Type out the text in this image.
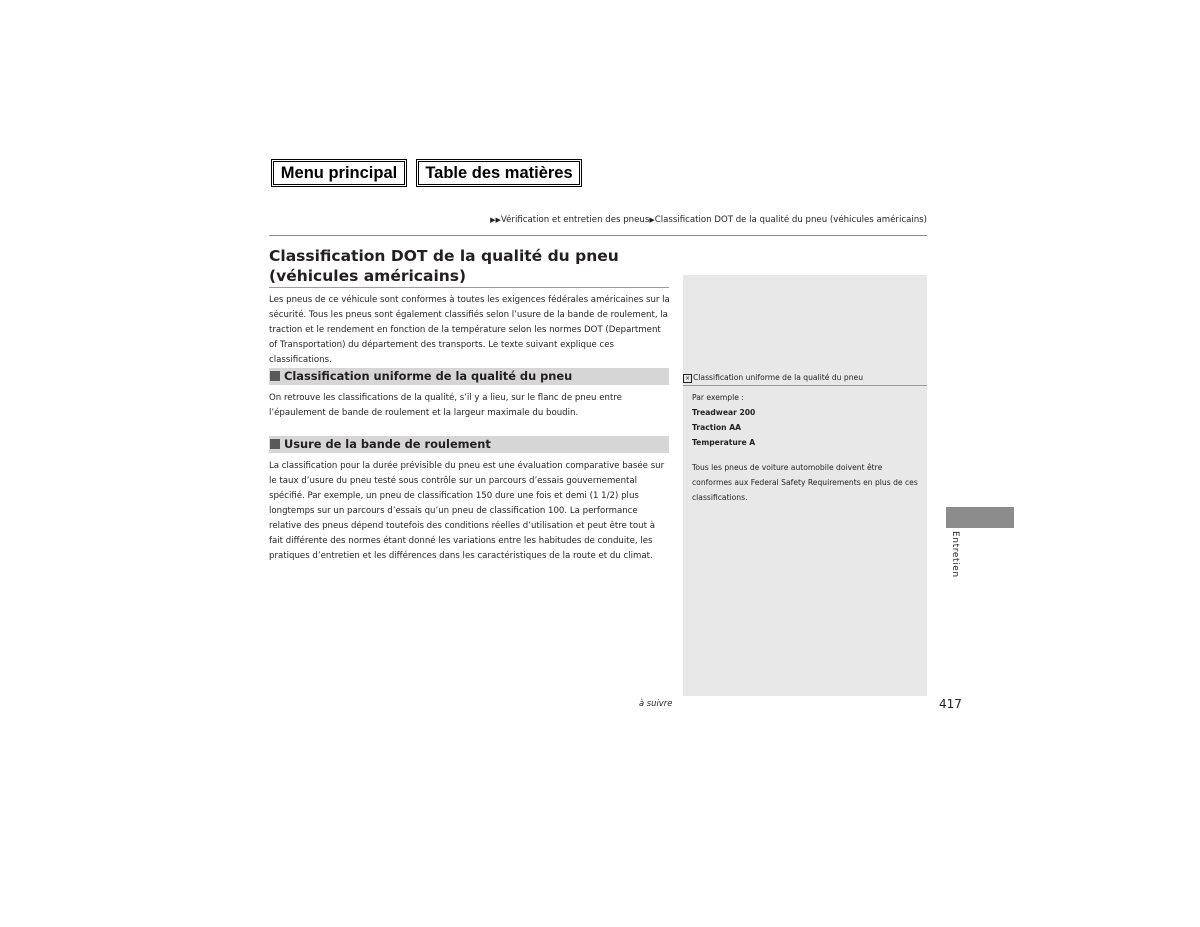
Menu principal	Table des matières
▶▶Vérification et entretien des pneus▶Classification DOT de la qualité du pneu (véhicules américains)
Classification DOT de la qualité du pneu (véhicules américains)

Les pneus de ce véhicule sont conformes à toutes les exigences fédérales américaines sur la sécurité. Tous les pneus sont également classifiés selon l’usure de la bande de roulement, la traction et le rendement en fonction de la température selon les normes DOT (Department of Transportation) du département des transports. Le texte suivant explique ces classifications.

Classification uniforme de la qualité du pneu

On retrouve les classifications de la qualité, s’il y a lieu, sur le flanc de pneu entre l’épaulement de bande de roulement et la largeur maximale du boudin.

Usure de la bande de roulement

La classification pour la durée prévisible du pneu est une évaluation comparative basée sur le taux d’usure du pneu testé sous contrôle sur un parcours d’essais gouvernemental spécifié. Par exemple, un pneu de classification 150 dure une fois et demi (1 1/2) plus longtemps sur un parcours d’essais qu’un pneu de classification 100. La performance relative des pneus dépend toutefois des conditions réelles d’utilisation et peut être tout à fait différente des normes étant donné les variations entre les habitudes de conduite, les pratiques d’entretien et les différences dans les caractéristiques de la route et du climat.

× Classification uniforme de la qualité du pneu
Par exemple :
Treadwear 200
Traction AA
Temperature A

Tous les pneus de voiture automobile doivent être conformes aux Federal Safety Requirements en plus de ces classifications.

Entretien
à suivre	417
